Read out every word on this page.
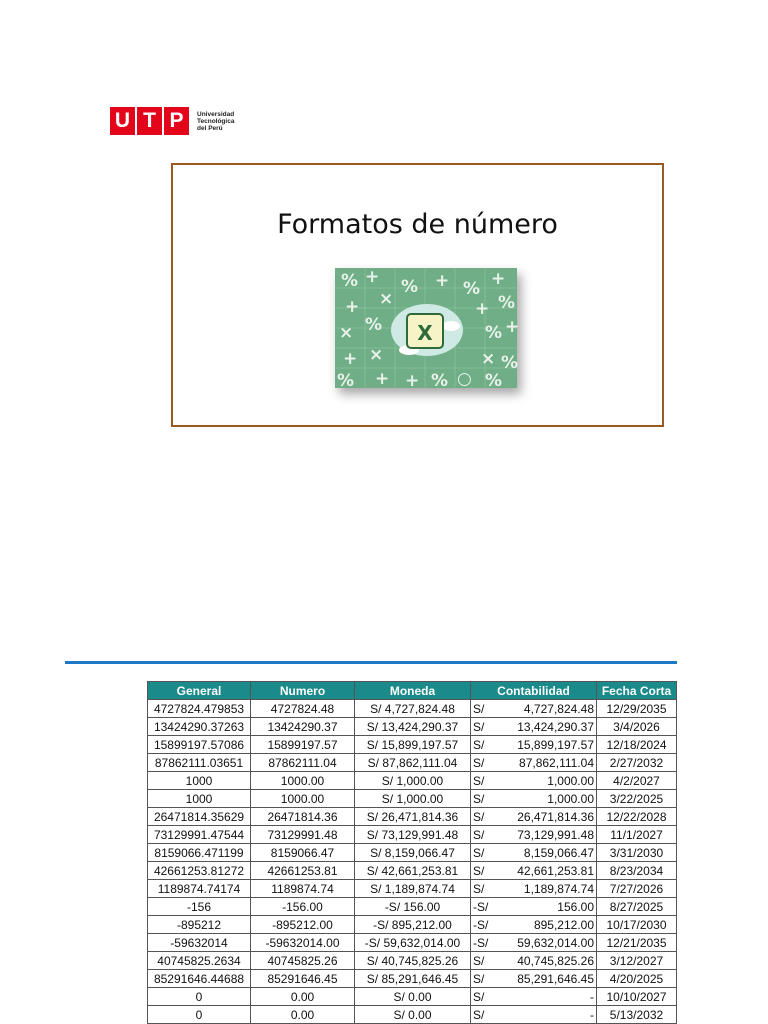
U T P	Universidad
Tecnológica
del Perú
Formatos de número
% + % + % +
+ ×	+ %
× %	% +
+ ×	× %
% + + % ○ %
X
General	Numero	Moneda	Contabilidad		Fecha Corta
4727824.479853	4727824.48	S/ 4,727,824.48	S/	4,727,824.48	12/29/2035
13424290.37263	13424290.37	S/ 13,424,290.37	S/	13,424,290.37	3/4/2026
15899197.57086	15899197.57	S/ 15,899,197.57	S/	15,899,197.57	12/18/2024
87862111.03651	87862111.04	S/ 87,862,111.04	S/	87,862,111.04	2/27/2032
1000	1000.00	S/ 1,000.00	S/	1,000.00	4/2/2027
1000	1000.00	S/ 1,000.00	S/	1,000.00	3/22/2025
26471814.35629	26471814.36	S/ 26,471,814.36	S/	26,471,814.36	12/22/2028
73129991.47544	73129991.48	S/ 73,129,991.48	S/	73,129,991.48	11/1/2027
8159066.471199	8159066.47	S/ 8,159,066.47	S/	8,159,066.47	3/31/2030
42661253.81272	42661253.81	S/ 42,661,253.81	S/	42,661,253.81	8/23/2034
1189874.74174	1189874.74	S/ 1,189,874.74	S/	1,189,874.74	7/27/2026
-156	-156.00	-S/ 156.00	-S/	156.00	8/27/2025
-895212	-895212.00	-S/ 895,212.00	-S/	895,212.00	10/17/2030
-59632014	-59632014.00	-S/ 59,632,014.00	-S/	59,632,014.00	12/21/2035
40745825.2634	40745825.26	S/ 40,745,825.26	S/	40,745,825.26	3/12/2027
85291646.44688	85291646.45	S/ 85,291,646.45	S/	85,291,646.45	4/20/2025
0	0.00	S/ 0.00	S/	-	10/10/2027
0	0.00	S/ 0.00	S/	-	5/13/2032
